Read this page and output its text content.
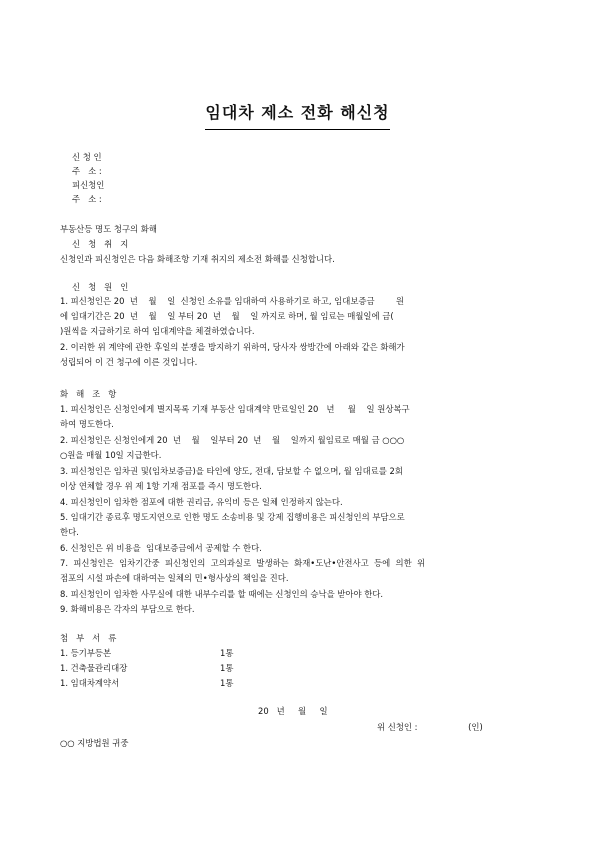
임대차 제소 전화 해신청
신 청 인
주   소 :
피신청인
주   소 :
부동산등 명도 청구의 화해
신   청   취   지
신청인과 피신청인은 다음 화해조항 기재 취지의 제소전 화해를 신청합니다.
신   청   원   인
1. 피신청인은 20  년    월    일  신청인 소유를 임대하여 사용하기로 하고, 임대보증금        원
에 임대기간은 20  년    월    일 부터 20  년    월    일 까지로 하며, 월 임료는 매월일에 금(
)원씩을 지급하기로 하여 임대계약을 체결하였습니다.
2. 이러한 위 계약에 관한 후일의 분쟁을 방지하기 위하여, 당사자 쌍방간에 아래와 같은 화해가
성립되어 이 건 청구에 이른 것입니다.
화   해   조   항
1. 피신청인은 신청인에게 별지목록 기재 부동산 임대계약 만료일인 20   년     월    일 원상복구
하여 명도한다.
2. 피신청인은 신청인에게 20  년    월    일부터 20  년    월    일까지 월임료로 매월 금 ○○○
○원을 매월 10일 지급한다.
3. 피신청인은 임차권 및(임차보증금)을 타인에 양도, 전대, 담보할 수 없으며, 월 임대료를 2회
이상 연체할 경우 위 제 1항 기재 점포를 즉시 명도한다.
4. 피신청인이 임차한 점포에 대한 권리금, 유익비 등은 일체 인정하지 않는다.
5. 임대기간 종료후 명도지연으로 인한 명도 소송비용 및 강제 집행비용은 피신청인의 부담으로
한다.
6. 신청인은 위 비용을  임대보증금에서 공제할 수 한다.
7.  피신청인은  임차기간중  피신청인의  고의과실로  발생하는  화재•도난•안전사고  등에  의한  위
점포의 시설 파손에 대하여는 일체의 민•형사상의 책임을 진다.
8. 피신청인이 임차한 사무실에 대한 내부수리를 할 때에는 신청인의 승낙을 받아야 한다.
9. 화해비용은 각자의 부담으로 한다.
첨   부   서   류
1. 등기부등본	1통
1. 건축물관리대장	1통
1. 임대차계약서	1통
20   년     월     일
위 신청인 :                   (인)
○○ 지방법원 귀중
